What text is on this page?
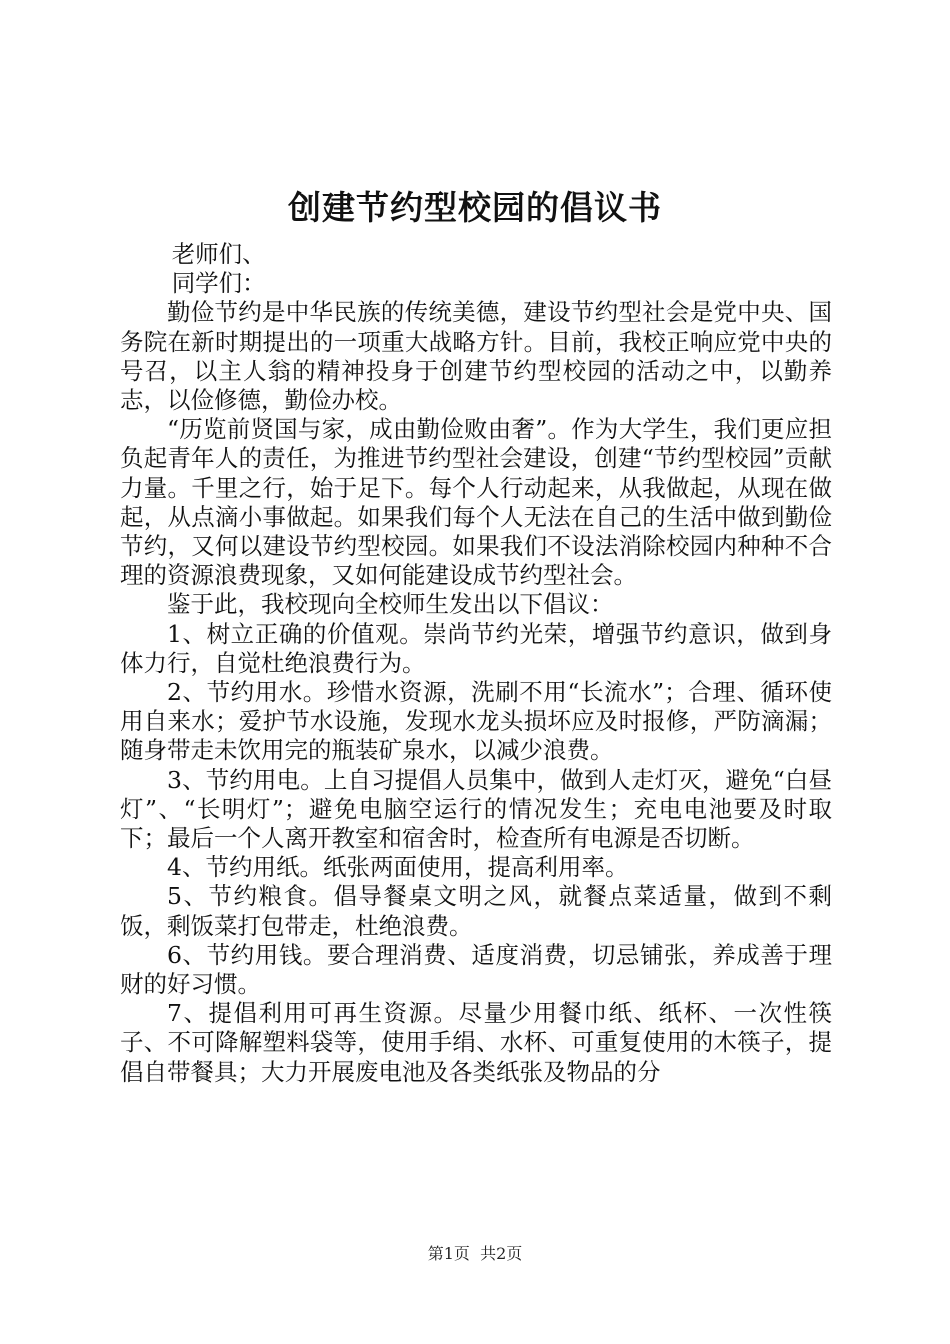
创建节约型校园的倡议书

老师们、

同学们：

勤俭节约是中华民族的传统美德，建设节约型社会是党中央、国务院在新时期提出的一项重大战略方针。目前，我校正响应党中央的号召，以主人翁的精神投身于创建节约型校园的活动之中，以勤养志，以俭修德，勤俭办校。

“历览前贤国与家，成由勤俭败由奢”。作为大学生，我们更应担负起青年人的责任，为推进节约型社会建设，创建“节约型校园”贡献力量。千里之行，始于足下。每个人行动起来，从我做起，从现在做起，从点滴小事做起。如果我们每个人无法在自己的生活中做到勤俭节约，又何以建设节约型校园。如果我们不设法消除校园内种种不合理的资源浪费现象，又如何能建设成节约型社会。

鉴于此，我校现向全校师生发出以下倡议：

1、树立正确的价值观。崇尚节约光荣，增强节约意识，做到身体力行，自觉杜绝浪费行为。

2、节约用水。珍惜水资源，洗刷不用“长流水”；合理、循环使用自来水；爱护节水设施，发现水龙头损坏应及时报修，严防滴漏；随身带走未饮用完的瓶装矿泉水，以减少浪费。

3、节约用电。上自习提倡人员集中，做到人走灯灭，避免“白昼灯”、“长明灯”；避免电脑空运行的情况发生；充电电池要及时取下；最后一个人离开教室和宿舍时，检查所有电源是否切断。

4、节约用纸。纸张两面使用，提高利用率。

5、节约粮食。倡导餐桌文明之风，就餐点菜适量，做到不剩饭，剩饭菜打包带走，杜绝浪费。

6、节约用钱。要合理消费、适度消费，切忌铺张，养成善于理财的好习惯。

7、提倡利用可再生资源。尽量少用餐巾纸、纸杯、一次性筷子、不可降解塑料袋等，使用手绢、水杯、可重复使用的木筷子，提倡自带餐具；大力开展废电池及各类纸张及物品的分

第1页 共2页
